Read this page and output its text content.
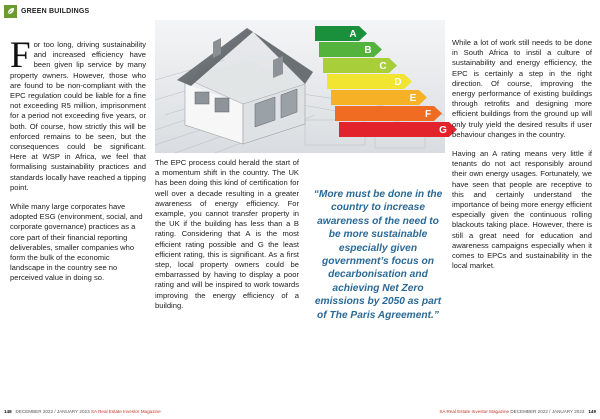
GREEN BUILDINGS

For too long, driving sustainability and increased efficiency have been given lip service by many property owners. However, those who are found to be non-compliant with the EPC regulation could be liable for a fine not exceeding R5 million, imprisonment for a period not exceeding five years, or both. Of course, how strictly this will be enforced remains to be seen, but the consequences could be significant. Here at WSP in Africa, we feel that formalising sustainability practices and standards locally have reached a tipping point.

While many large corporates have adopted ESG (environment, social, and corporate governance) practices as a core part of their financial reporting deliverables, smaller companies who form the bulk of the economic landscape in the country see no perceived value in doing so.

A
B
C
D
E
F
G

The EPC process could herald the start of a momentum shift in the country. The UK has been doing this kind of certification for well over a decade resulting in a greater awareness of energy efficiency. For example, you cannot transfer property in the UK if the building has less than a B rating. Considering that A is the most efficient rating possible and G the least efficient rating, this is significant. As a first step, local property owners could be embarrassed by having to display a poor rating and will be inspired to work towards improving the energy efficiency of a building.

“More must be done in the country to increase awareness of the need to be more sustainable especially given government’s focus on decarbonisation and achieving Net Zero emissions by 2050 as part of The Paris Agreement.”

While a lot of work still needs to be done in South Africa to instil a culture of sustainability and energy efficiency, the EPC is certainly a step in the right direction. Of course, improving the energy performance of existing buildings through retrofits and designing more efficient buildings from the ground up will only truly yield the desired results if user behaviour changes in the country.

Having an A rating means very little if tenants do not act responsibly around their own energy usages. Fortunately, we have seen that people are receptive to this and certainly understand the importance of being more energy efficient especially given the continuous rolling blackouts taking place. However, there is still a great need for education and awareness campaigns especially when it comes to EPCs and sustainability in the local market.

148 DECEMBER 2022 / JANUARY 2023 SA Real Estate Investor Magazine	SA Real Estate Investor Magazine DECEMBER 2022 / JANUARY 2023 149
